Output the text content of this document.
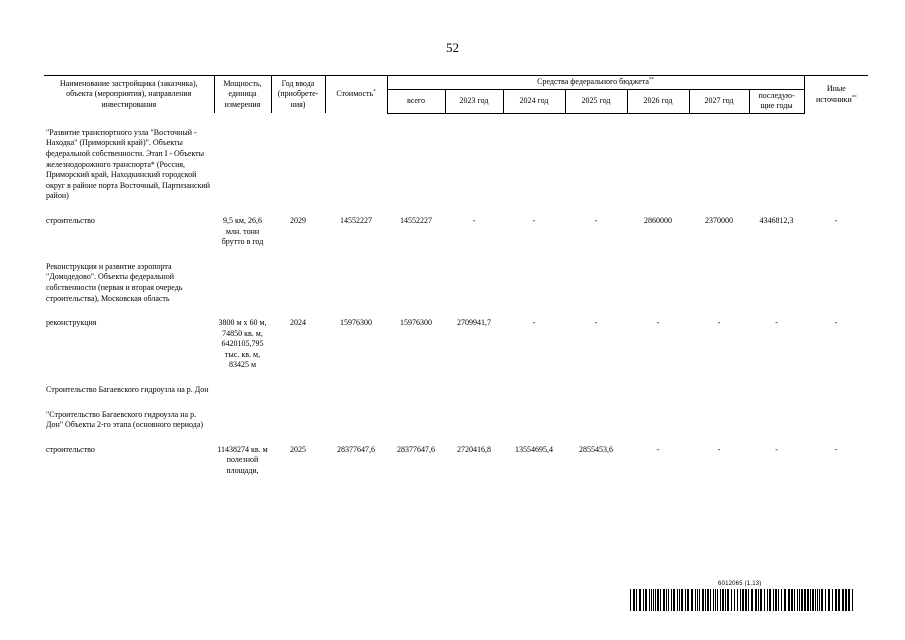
52
Наименование застройщика (заказчика), объекта (мероприятия), направления инвестирования	Мощность, единица измерения	Год ввода (приобрете-ния)	Стоимость*	Средства федерального бюджета**							Иные источники**
				всего	2023 год	2024 год	2025 год	2026 год	2027 год	последую-щие годы	

"Развитие транспортного узла "Восточный - Находка" (Приморский край)". Объекты федеральной собственности. Этап I - Объекты железнодорожного транспорта* (Россия, Приморский край, Находкинский городской округ в районе порта Восточный, Партизанский район)											

строительство	9,5 км, 26,6 млн. тонн брутто в год	2029	14552227	14552227	-	-	-	2860000	2370000	4346812,3	-

Реконструкция и развитие аэропорта "Домодедово". Объекты федеральной собственности (первая и вторая очередь строительства), Московская область											

реконструкция	3800 м х 60 м, 74850 кв. м, 6420105,795 тыс. кв. м, 83425 м	2024	15976300	15976300	2709941,7	-	-	-	-	-	-

Строительство Багаевского гидроузла на р. Дон											

"Строительство Багаевского гидроузла на р. Дон" Объекты 2-го этапа (основного периода)											

строительство	11438274 кв. м полезной площади,	2025	28377647,6	28377647,6	2720416,8	13554695,4	2855453,6	-	-	-	-
6012065 (1.13)
